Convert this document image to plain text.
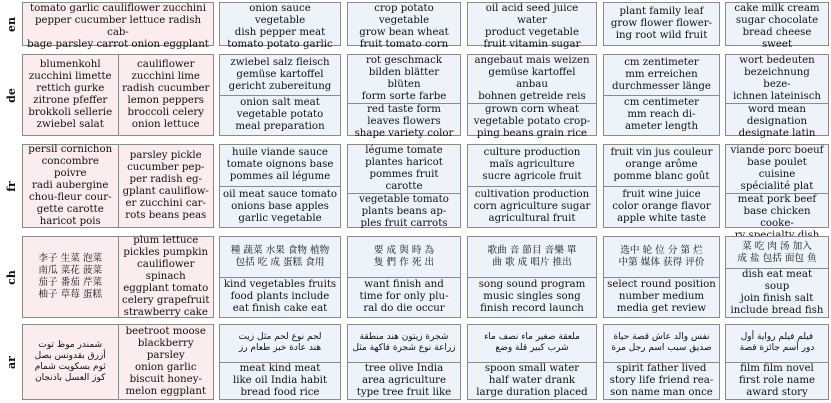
en
tomato garlic cauliflower zucchini
pepper cucumber lettuce radish cab-
bage parsley carrot onion eggplant
onion sauce vegetable
dish pepper meat
tomato potato garlic
crop potato vegetable
grow bean wheat
fruit tomato corn
oil acid seed juice water
product vegetable
fruit vitamin sugar
plant family leaf
grow flower flower-
ing root wild fruit
cake milk cream
sugar chocolate
bread cheese sweet
de
blumenkohl
zucchini limette
rettich gurke
zitrone pfeffer
brokkoli sellerie
zwiebel salat
cauliflower
zucchini lime
radish cucumber
lemon peppers
broccoli celery
onion lettuce
zwiebel salz fleisch
gemüse kartoffel
gericht zubereitung
onion salt meat
vegetable potato
meal preparation
rot geschmack
bilden blätter blüten
form sorte farbe
red taste form
leaves flowers
shape variety color
angebaut mais weizen
gemüse kartoffel anbau
bohnen getreide reis
grown corn wheat
vegetable potato crop-
ping beans grain rice
cm zentimeter
mm erreichen
durchmesser länge
cm centimeter
mm reach di-
ameter length
wort bedeuten
bezeichnung beze-
ichnen lateinisch
word mean
designation
designate latin
fr
persil cornichon
concombre poivre
radi aubergine
chou-fleur cour-
gette carotte
haricot pois
parsley pickle
cucumber pep-
per radish eg-
gplant cauliflow-
er zucchini car-
rots beans peas
huile viande sauce
tomate oignons base
pommes ail légume
oil meat sauce tomato
onions base apples
garlic vegetable
légume tomate
plantes haricot
pommes fruit carotte
vegetable tomato
plants beans ap-
ples fruit carrots
culture production
maïs agriculture
sucre agricole fruit
cultivation production
corn agriculture sugar
agricultural fruit
fruit vin jus couleur
orange arôme
pomme blanc goût
fruit wine juice
color orange flavor
apple white taste
viande porc boeuf
base poulet cuisine
spécialité plat
meat pork beef
base chicken cooke-

ch
李子 生菜 泡菜
南瓜 菜花 菠菜
茄子 番茄 芹菜
柚子 草莓 蛋糕
plum lettuce
pickles pumpkin
cauliflower spinach
eggplant tomato
celery grapefruit
strawberry cake
種 蔬菜 水果 食物 植物
包括 吃 成 蛋糕 食用
kind vegetables fruits
food plants include
eat finish cake eat
要 成 與 時 為
隻 們 作 死 出
want finish and
time for only plu-
ral do die occur
歌曲 音 節目 音樂 單
曲 歌 成 唱片 推出
song sound program
music singles song
finish record launch
选中 轮 位 分 第 烂
中第 媒体 获得 评价
select round position
number medium
media get review
菜 吃 肉 汤 加入
成 盐 包括 面包 鱼
dish eat meat soup
join finish salt
include bread fish
ar
شمندر موظ توت
أزرق بقدونس بصل
ثوم بسكويت شمام
كوز العسل باذنجان
beetroot moose
blackberry parsley
onion garlic
biscuit honey-
melon eggplant
لحم نوع لحم مثل زيت
هند عادة خبز طعام رز
meat kind meat
like oil India habit
bread food rice
شجرة زيتون هند منطقة
زراعة نوع شجرة فاكهة مثل
tree olive India
area agriculture
type tree fruit like
ملعقة صغير ماء نصف ماء
شرب كبير قلة وضع
spoon small water
half water drank
large duration placed
نفس والد عاش قصة حياة
صديق سبب اسم رجل مرة
spirit father lived
story life friend rea-
son name man once
فيلم فيلم رواية أول
دور أسم جائزة قصة
film film novel
first role name
award story
